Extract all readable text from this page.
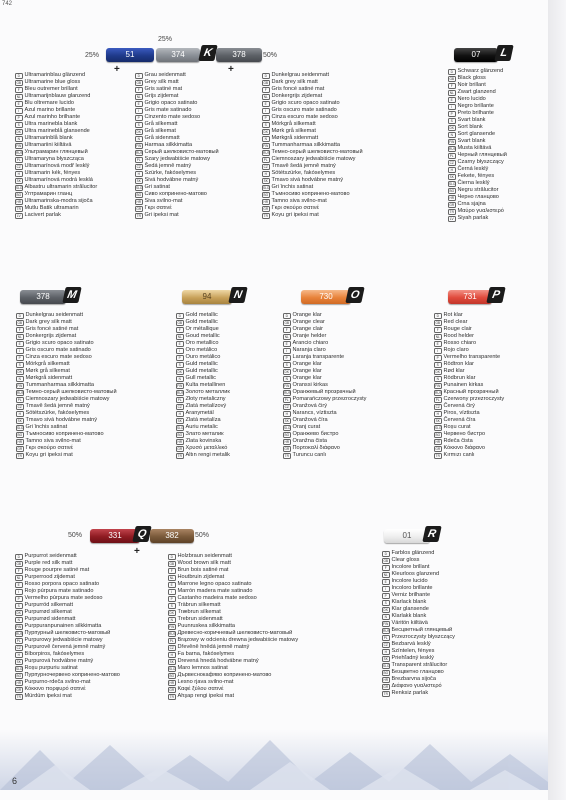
742
25%
25%
50%
+	+
51	374	K	378
D Ultramarinblau glänzend
GB Ultramarine blue gloss
F Bleu outremer brillant
NL Ultramarijnblauw glanzend
E Blu oltremare lucido
I Azul marino brillante
P Azul marinho brilhante
S Ultra marinebla blank
DK Ultra marineblå glansende
N Ultramarinblå blank
FIN Ultramariini kiiltävä
RUS Ультрамарин глянцевый
PL Ultramaryna błyszcząca
CZ Ultramarínová modř lesklý
H Ultramarin kék, fényes
SK Ultramarínová modrá lesklá
SLO Albastru ultramarin strălucitor
BG Ултрамарин гланц
HR Ultramarinska-modra sijoča
TR Mutlu Batik ultramarin
LV Lacivert parlak
D Grau seidenmatt
GB Grey silk matt
F Gris satiné mat
NL Grijs zijdemat
E Grigio opaco satinato
I Gris mate satinado
P Cinzento mate sedoso
S Grå silkematt
DK Grå silkemat
N Grå sidenmatt
FIN Harmaa silkkimatta
RUS Серый шелковисто-матовый
PL Szary jedwabiście matowy
CZ Šedá jemně matný
H Szürke, fakóselymes
SK Sivá hodvábne matný
SLO Gri satinat
BG Сиво копринено-матово
HR Siva svilno-mat
GR Γκρι σατινέ
TR Gri ipeksi mat
D Dunkelgrau seidenmatt
GB Dark grey silk matt
F Gris foncé satiné mat
NL Donkergrijs zijdemat
E Grigio scuro opaco satinato
I Gris oscuro mate satinado
P Cinza escuro mate sedoso
S Mörkgrå silkematt
DK Mørk grå silkemat
N Mørkgrå sidenmatt
FIN Tummanharmaa silkkimatta
RUS Темно-серый шелковисто-матовый
PL Ciemnoszary jedwabiście matowy
CZ Tmavě šedá jemně matný
H Sötétszürke, fakóselymes
SK Tmavo sivá hodvábne matný
SLO Gri închis satinat
BG Тъмносиво копринено-матово
HR Tamno siva svilno-mat
GR Γκρι σκούρο σατινέ
TR Koyu gri ipeksi mat
07	L
D Schwarz glänzend
GB Black gloss
F Noir brillant
NL Zwart glanzend
E Nero lucido
I Negro brillante
P Preto brilhante
S Svart blank
DK Sort blank
N Sort glansende
FIN Svart blank
RUS Musta kiiltävä
PL Черный глянцевый
CZ Czarny błyszczący
H Černá lesklý
SK Fekete, fényes
SLO Čierna lesklý
BG Negru strălucitor
HR Черно гланцово
GR Crna sjajna
TR Μαύρο γυαλιστερό
LV Siyah parlak
378	M
D Dunkelgrau seidenmatt
GB Dark grey silk matt
F Gris foncé satiné mat
NL Donkergrijs zijdemat
E Grigio scuro opaco satinato
I Gris oscuro mate satinado
P Cinza escuro mate sedoso
S Mörkgrå silkematt
DK Mørk grå silkemat
N Mørkgrå sidenmatt
FIN Tummanharmaa silkkimatta
RUS Темно-серый шелковисто-матовый
PL Ciemnoszary jedwabiście matowy
CZ Tmavě šedá jemně matný
H Sötétszürke, fakóselymes
SK Tmavo sivá hodvábne matný
SLO Gri închis satinat
BG Тъмносиво копринено-матово
HR Tamno siva svilno-mat
GR Γκρι σκούρο σατινέ
TR Koyu gri ipeksi mat
94	N
D Gold metallic
GB Gold metallic
F Or métallique
NL Goud metallic
E Oro metallico
I Oro metálico
P Ouro metálico
S Guld metallic
DK Guld metallic
N Gull metallic
FIN Kulta metallinen
RUS Золото металлик
PL Złoty metaliczny
CZ Zlatá metalízový
H Aranymetál
SK Zlatá metalíza
SLO Auriu metalic
BG Злато металик
HR Zlata kovinska
GR Χρυσό μεταλλικό
TR Altın rengi metalik
730	O
D Orange klar
GB Orange clear
F Orange clair
NL Oranje helder
E Arancio chiaro
I Naranja claro
P Laranja transparente
S Orange klar
DK Orange klar
N Orange klar
FIN Oranssi kirkas
RUS Оранжевый прозрачный
PL Pomarańczowy przezroczysty
CZ Oranžová čirý
H Narancs, víztiszta
SK Oranžová číra
SLO Oranj curat
BG Оранжево бистро
HR Oranžna čista
GR Πορτοκαλί διάφανο
TR Turuncu canlı
731	P
D Rot klar
GB Red clear
F Rouge clair
NL Rood helder
E Rosso chiaro
I Rojo claro
P Vermelho transparente
S Rödtron klar
DK Rød klar
N Rödbrun klar
FIN Punainen kirkas
RUS Красный прозрачный
PL Czerwony przezroczysty
CZ Červená čirý
H Piros, víztiszta
SK Červená číra
SLO Roșu curat
BG Червено бистро
HR Rdeča čista
GR Κόκκινο διάφανο
TR Kırmızı canlı
50%	50%
+
331	Q	382
D Purpurrot seidenmatt
GB Purple red silk matt
F Rouge pourpre satiné mat
NL Purperrood zijdemat
E Rosso porpora opaco satinato
I Rojo púrpura mate satinado
P Vermelho púrpura mate sedoso
S Purpurröd silkematt
DK Purpurrød silkemat
N Purpurrød sidenmatt
FIN Purppuranpunainen silkkimatta
RUS Пурпурный шелковисто-матовый
PL Purpurowy jedwabiście matowy
CZ Purpurově červená jemně matný
H Bíborpiros, fakóselymes
SK Purpurová hodvábne matný
SLO Roșu purpuriu satinat
BG Пурпурночервено копринено-матово
HR Purpurno-rdeča svilno-mat
GR Κόκκινο πορφυρό σατινέ
TR Mürdüm ipeksi mat
D Holzbraun seidenmatt
GB Wood brown silk matt
F Brun bois satiné mat
NL Houtbruin zijdemat
E Marrone legno opaco satinato
I Marrón madera mate satinado
P Castanho madeira mate sedoso
S Träbrun silkematt
DK Træbrun silkemat
N Trebrun sidenmatt
FIN Puunruskea silkkimatta
RUS Древесно-коричневый шелковисто-матовый
PL Brązowy w odcieniu drewna jedwabiście matowy
CZ Dřevěně hnědá jemně matný
H Fa barna, fakóselymes
SK Drevená hnedá hodvábne matný
SLO Maro lemnos satinat
BG Дървеснокафяво копринено-матово
HR Lesno rjava svilno-mat
GR Καφέ ξύλου σατινέ
TR Ahşap rengi ipeksi mat
01	R
D Farblos glänzend
GB Clear gloss
F Incolore brillant
NL Kleurloos glanzend
E Incolore lucido
I Incoloro brillante
P Verniz brilhante
S Klarlack blank
DK Klar glansende
N Klarlakk blank
FIN Väritön kiiltävä
RUS Бесцветный глянцевый
PL Przezroczysty błyszczący
CZ Bezbarvá lesklý
H Színtelen, fényes
SK Priehľadný lesklý
SLO Transparent strălucitor
BG Безцветно гланцово
HR Brezbarvna sijoča
GR Διάφανο γυαλιστερό
TR Renksiz parlak
6
